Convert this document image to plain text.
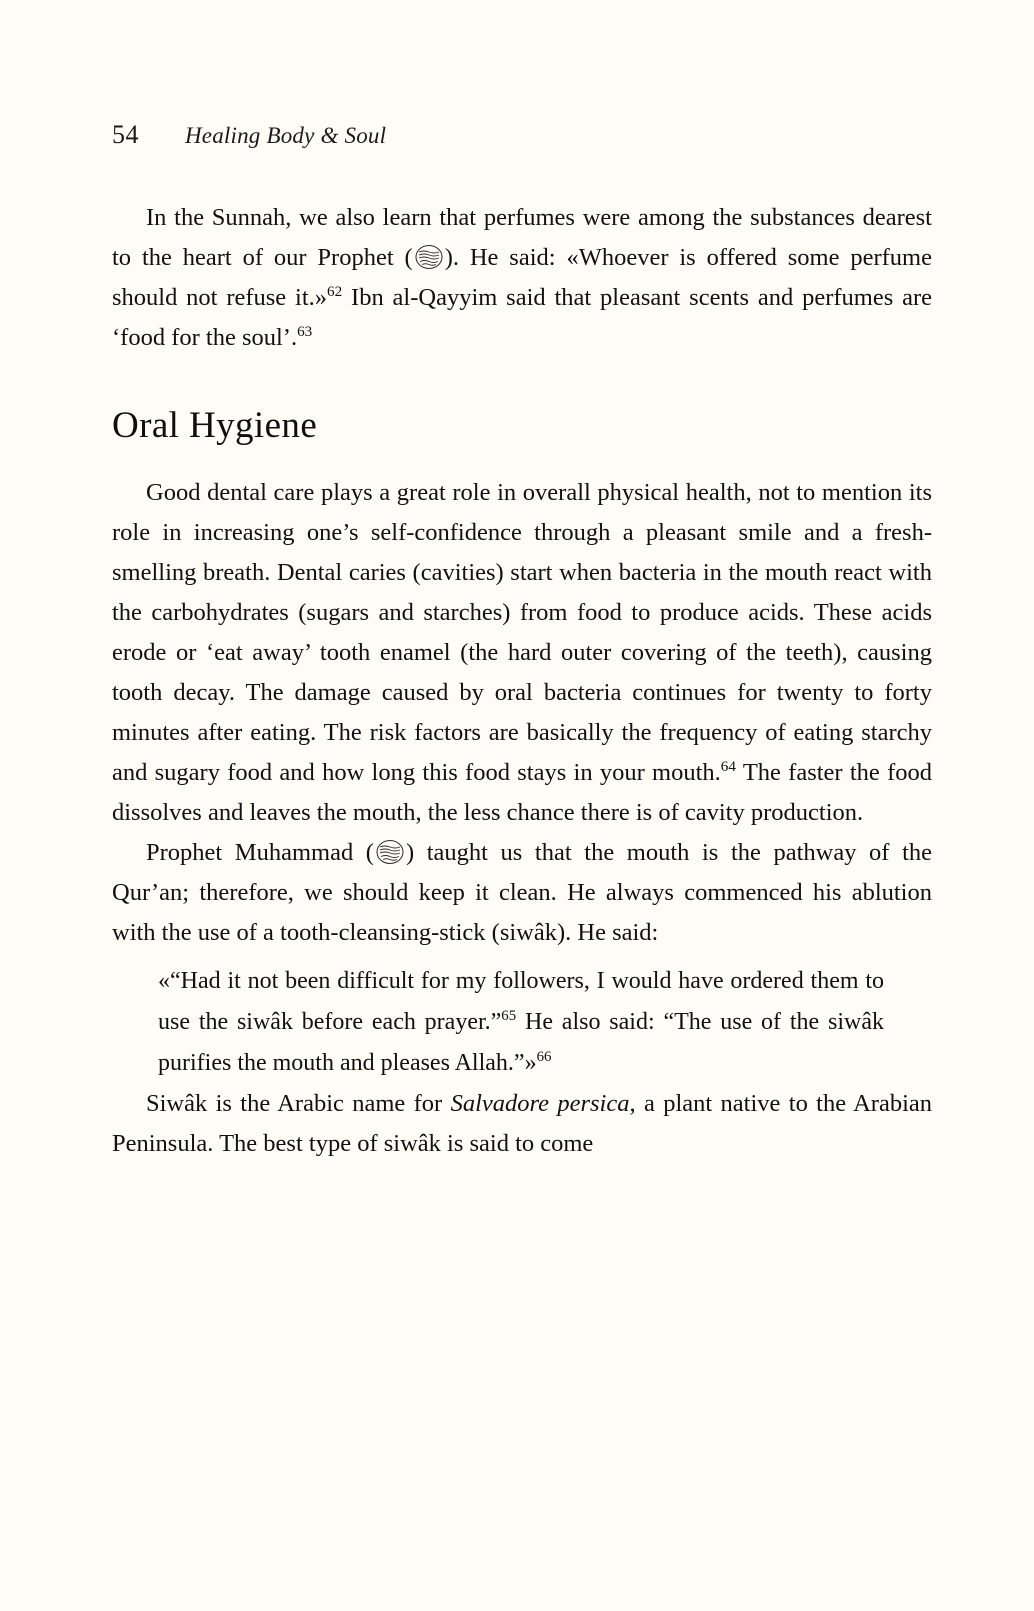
54 Healing Body & Soul

In the Sunnah, we also learn that perfumes were among the substances dearest to the heart of our Prophet ( ). He said: «Whoever is offered some perfume should not refuse it.»$^{62}$ Ibn al-Qayyim said that pleasant scents and perfumes are ‘food for the soul’.$^{63}$

Oral Hygiene

Good dental care plays a great role in overall physical health, not to mention its role in increasing one’s self-confidence through a pleasant smile and a fresh-smelling breath. Dental caries (cavities) start when bacteria in the mouth react with the carbohydrates (sugars and starches) from food to produce acids. These acids erode or ‘eat away’ tooth enamel (the hard outer covering of the teeth), causing tooth decay. The damage caused by oral bacteria continues for twenty to forty minutes after eating. The risk factors are basically the frequency of eating starchy and sugary food and how long this food stays in your mouth.$^{64}$ The faster the food dissolves and leaves the mouth, the less chance there is of cavity production.

Prophet Muhammad ( ) taught us that the mouth is the pathway of the Qur’an; therefore, we should keep it clean. He always commenced his ablution with the use of a tooth-cleansing-stick (siwâk). He said:

«“Had it not been difficult for my followers, I would have ordered them to use the siwâk before each prayer.”$^{65}$ He also said: “The use of the siwâk purifies the mouth and pleases Allah.”»$^{66}$

Siwâk is the Arabic name for Salvadore persica, a plant native to the Arabian Peninsula. The best type of siwâk is said to come
